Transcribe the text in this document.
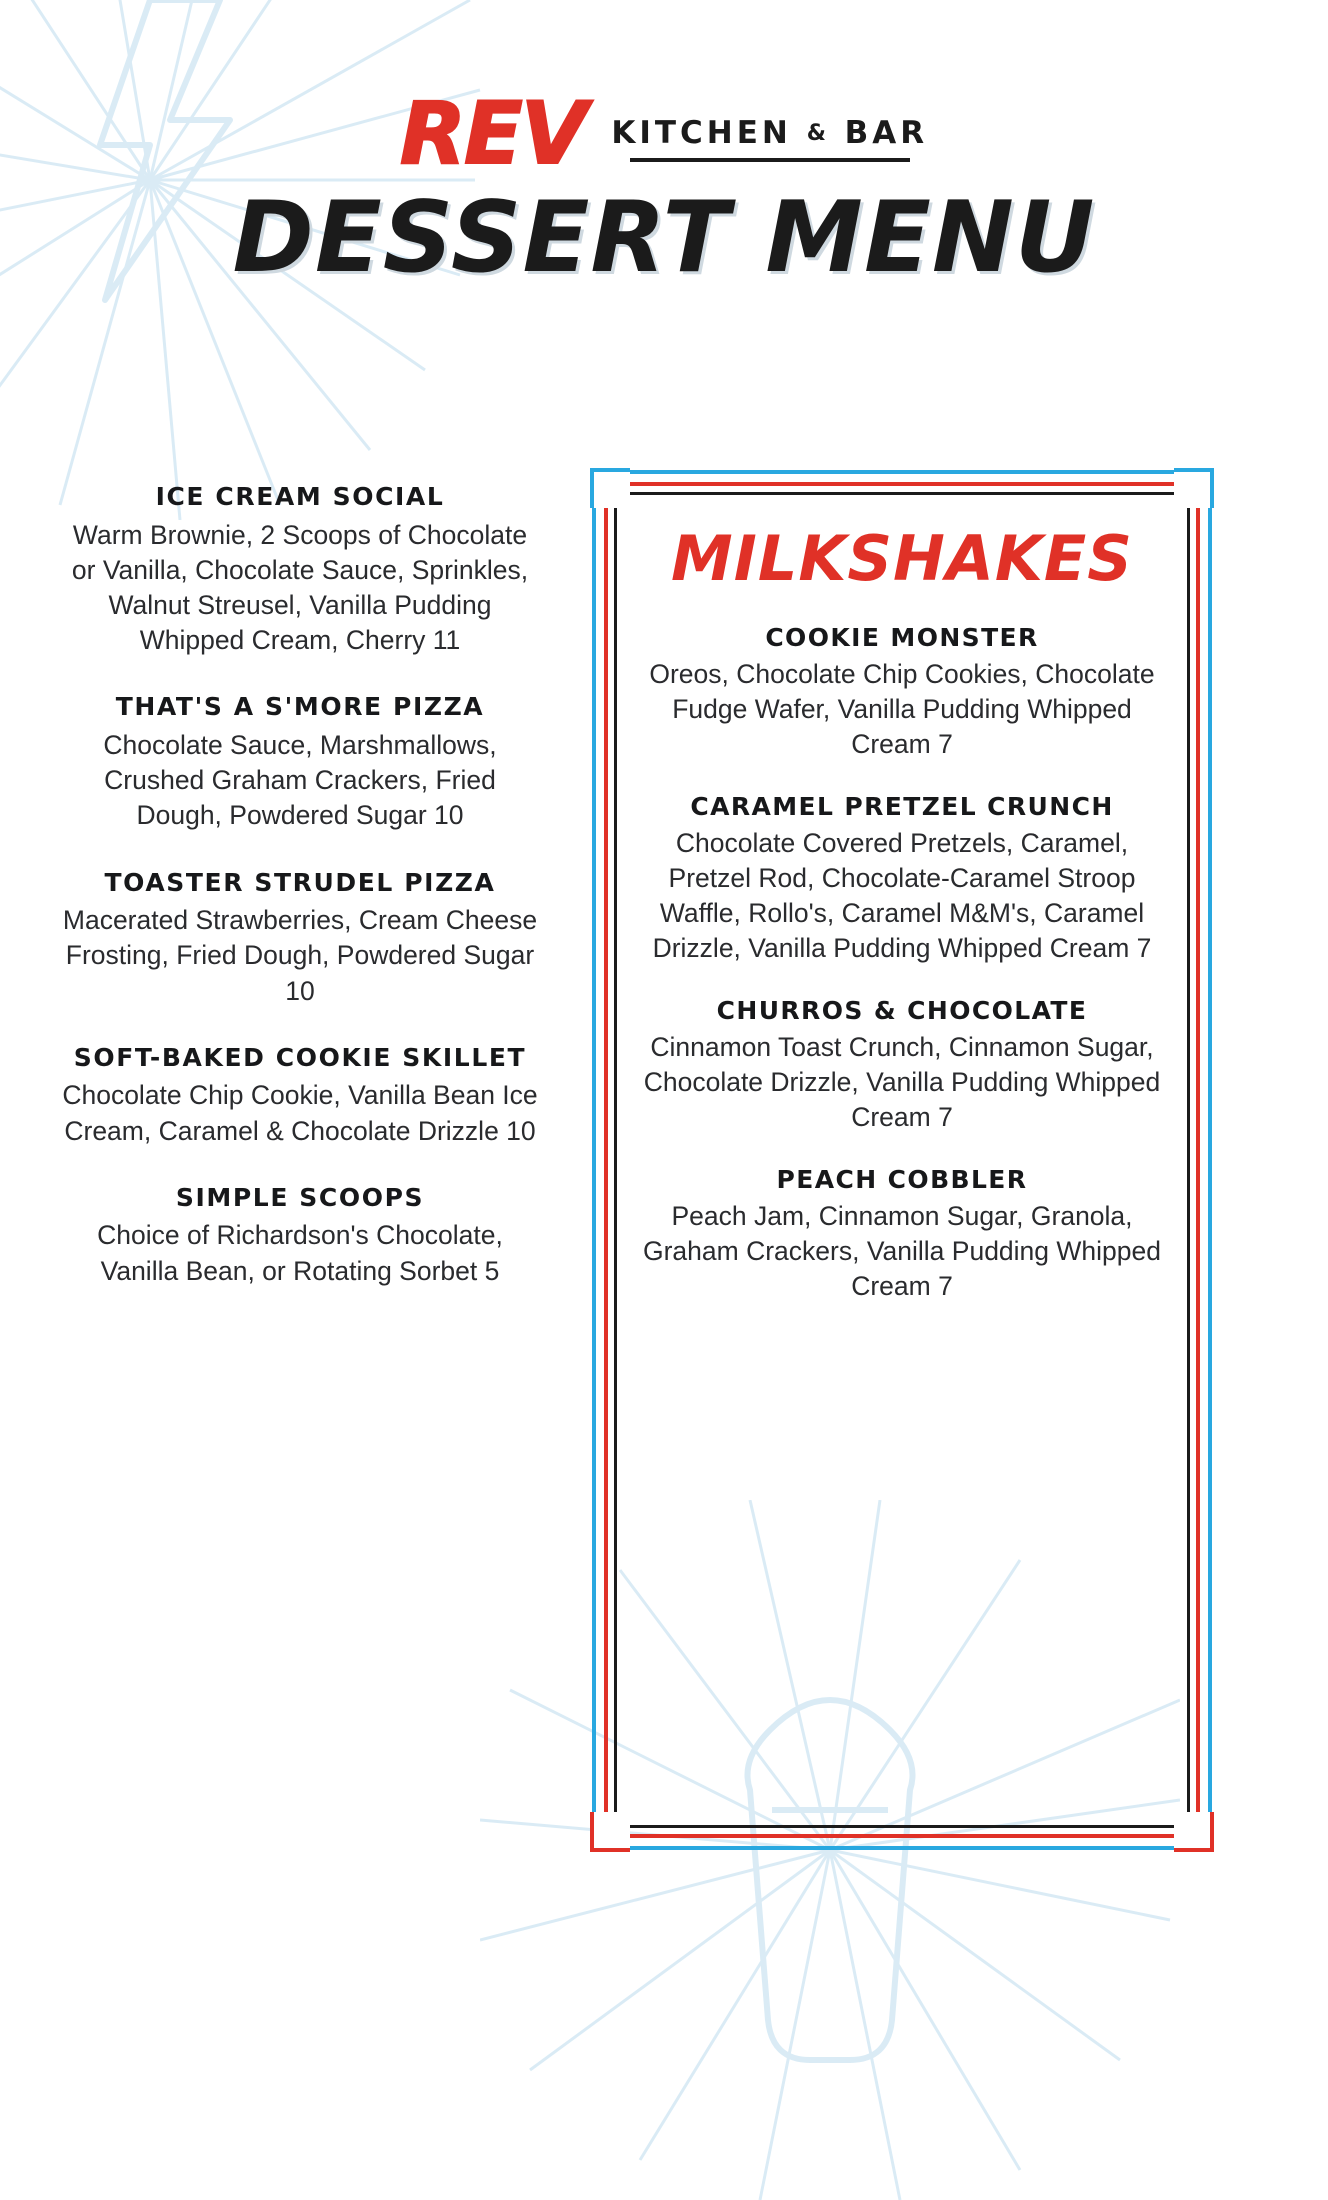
REV KITCHEN & BAR
DESSERT MENU
ICE CREAM SOCIAL
Warm Brownie, 2 Scoops of Chocolate or Vanilla, Chocolate Sauce, Sprinkles, Walnut Streusel, Vanilla Pudding Whipped Cream, Cherry 11
THAT'S A S'MORE PIZZA
Chocolate Sauce, Marshmallows, Crushed Graham Crackers, Fried Dough, Powdered Sugar 10
TOASTER STRUDEL PIZZA
Macerated Strawberries, Cream Cheese Frosting, Fried Dough, Powdered Sugar 10
SOFT-BAKED COOKIE SKILLET
Chocolate Chip Cookie, Vanilla Bean Ice Cream, Caramel & Chocolate Drizzle 10
SIMPLE SCOOPS
Choice of Richardson's Chocolate, Vanilla Bean, or Rotating Sorbet 5
MILKSHAKES
COOKIE MONSTER
Oreos, Chocolate Chip Cookies, Chocolate Fudge Wafer, Vanilla Pudding Whipped Cream 7
CARAMEL PRETZEL CRUNCH
Chocolate Covered Pretzels, Caramel, Pretzel Rod, Chocolate-Caramel Stroop Waffle, Rollo's, Caramel M&M's, Caramel Drizzle, Vanilla Pudding Whipped Cream 7
CHURROS & CHOCOLATE
Cinnamon Toast Crunch, Cinnamon Sugar, Chocolate Drizzle, Vanilla Pudding Whipped Cream 7
PEACH COBBLER
Peach Jam, Cinnamon Sugar, Granola, Graham Crackers, Vanilla Pudding Whipped Cream 7
